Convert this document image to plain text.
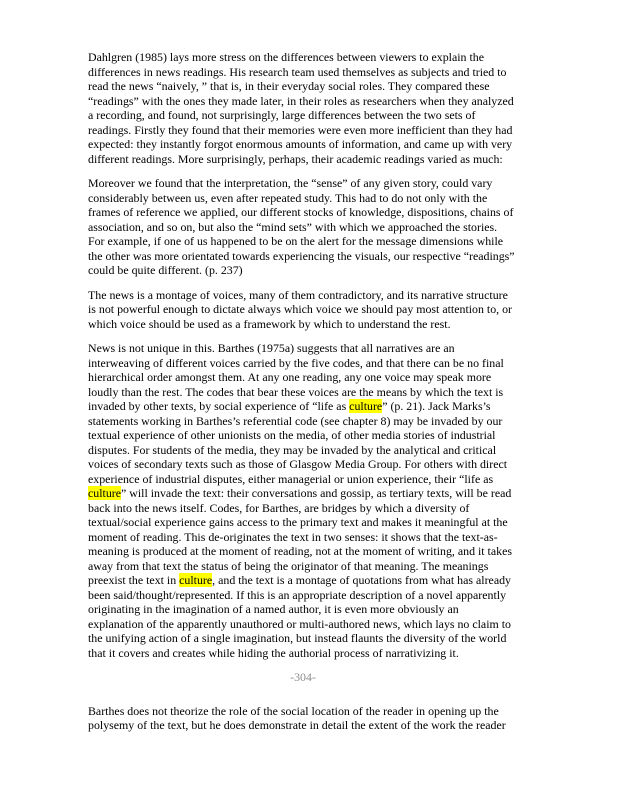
Dahlgren (1985) lays more stress on the differences between viewers to explain the
differences in news readings. His research team used themselves as subjects and tried to
read the news “naively, ” that is, in their everyday social roles. They compared these
“readings” with the ones they made later, in their roles as researchers when they analyzed
a recording, and found, not surprisingly, large differences between the two sets of
readings. Firstly they found that their memories were even more inefficient than they had
expected: they instantly forgot enormous amounts of information, and came up with very
different readings. More surprisingly, perhaps, their academic readings varied as much:

Moreover we found that the interpretation, the “sense” of any given story, could vary
considerably between us, even after repeated study. This had to do not only with the
frames of reference we applied, our different stocks of knowledge, dispositions, chains of
association, and so on, but also the “mind sets” with which we approached the stories.
For example, if one of us happened to be on the alert for the message dimensions while
the other was more orientated towards experiencing the visuals, our respective “readings”
could be quite different. (p. 237)

The news is a montage of voices, many of them contradictory, and its narrative structure
is not powerful enough to dictate always which voice we should pay most attention to, or
which voice should be used as a framework by which to understand the rest.

News is not unique in this. Barthes (1975a) suggests that all narratives are an
interweaving of different voices carried by the five codes, and that there can be no final
hierarchical order amongst them. At any one reading, any one voice may speak more
loudly than the rest. The codes that bear these voices are the means by which the text is
invaded by other texts, by social experience of “life as culture” (p. 21). Jack Marks’s
statements working in Barthes’s referential code (see chapter 8) may be invaded by our
textual experience of other unionists on the media, of other media stories of industrial
disputes. For students of the media, they may be invaded by the analytical and critical
voices of secondary texts such as those of Glasgow Media Group. For others with direct
experience of industrial disputes, either managerial or union experience, their “life as
culture” will invade the text: their conversations and gossip, as tertiary texts, will be read
back into the news itself. Codes, for Barthes, are bridges by which a diversity of
textual/social experience gains access to the primary text and makes it meaningful at the
moment of reading. This de-originates the text in two senses: it shows that the text-as-
meaning is produced at the moment of reading, not at the moment of writing, and it takes
away from that text the status of being the originator of that meaning. The meanings
preexist the text in culture, and the text is a montage of quotations from what has already
been said/thought/represented. If this is an appropriate description of a novel apparently
originating in the imagination of a named author, it is even more obviously an
explanation of the apparently unauthored or multi-authored news, which lays no claim to
the unifying action of a single imagination, but instead flaunts the diversity of the world
that it covers and creates while hiding the authorial process of narrativizing it.

-304-

Barthes does not theorize the role of the social location of the reader in opening up the
polysemy of the text, but he does demonstrate in detail the extent of the work the reader
